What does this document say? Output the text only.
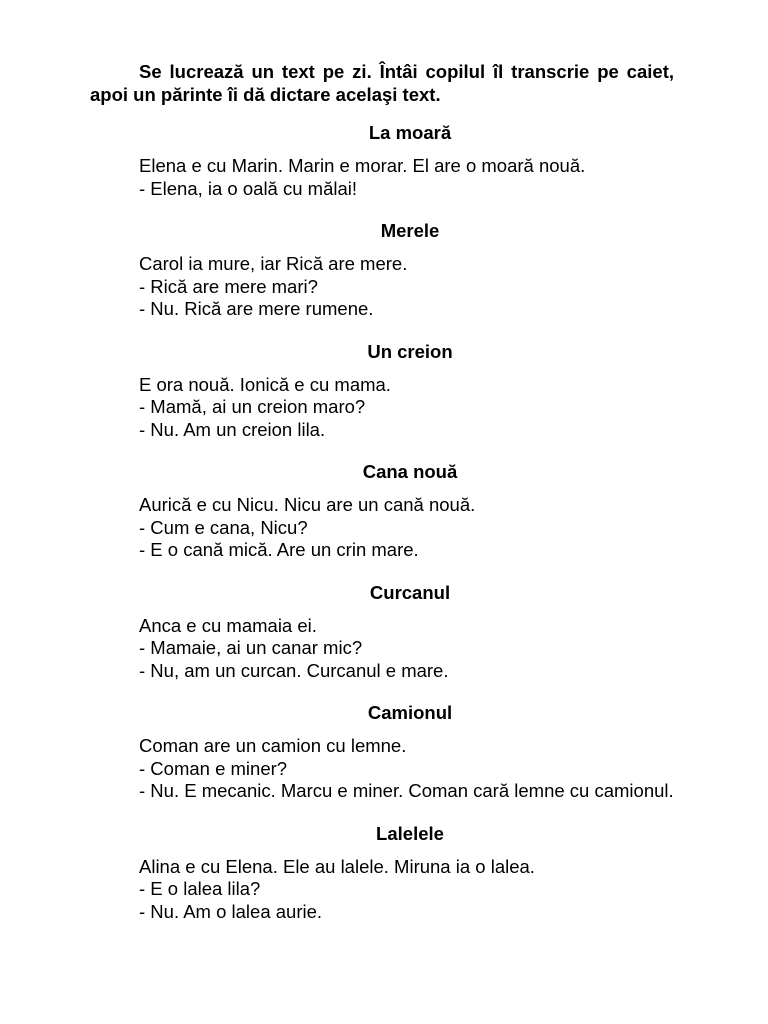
Se lucrează un text pe zi. Întâi copilul îl transcrie pe caiet, apoi un părinte îi dă dictare acelaşi text.

La moară

Elena e cu Marin. Marin e morar. El are o moară nouă.

- Elena, ia o oală cu mălai!

Merele

Carol ia mure, iar Rică are mere.

- Rică are mere mari?

- Nu. Rică are mere rumene.

Un creion

E ora nouă. Ionică e cu mama.

- Mamă, ai un creion maro?

- Nu. Am un creion lila.

Cana nouă

Aurică e cu Nicu. Nicu are un cană nouă.

- Cum e cana, Nicu?

- E o cană mică. Are un crin mare.

Curcanul

Anca e cu mamaia ei.

- Mamaie, ai un canar mic?

- Nu, am un curcan. Curcanul e mare.

Camionul

Coman are un camion cu lemne.

- Coman e miner?

- Nu. E mecanic. Marcu e miner. Coman cară lemne cu camionul.

Lalelele

Alina e cu Elena. Ele au lalele. Miruna ia o lalea.

- E o lalea lila?

- Nu. Am o lalea aurie.
